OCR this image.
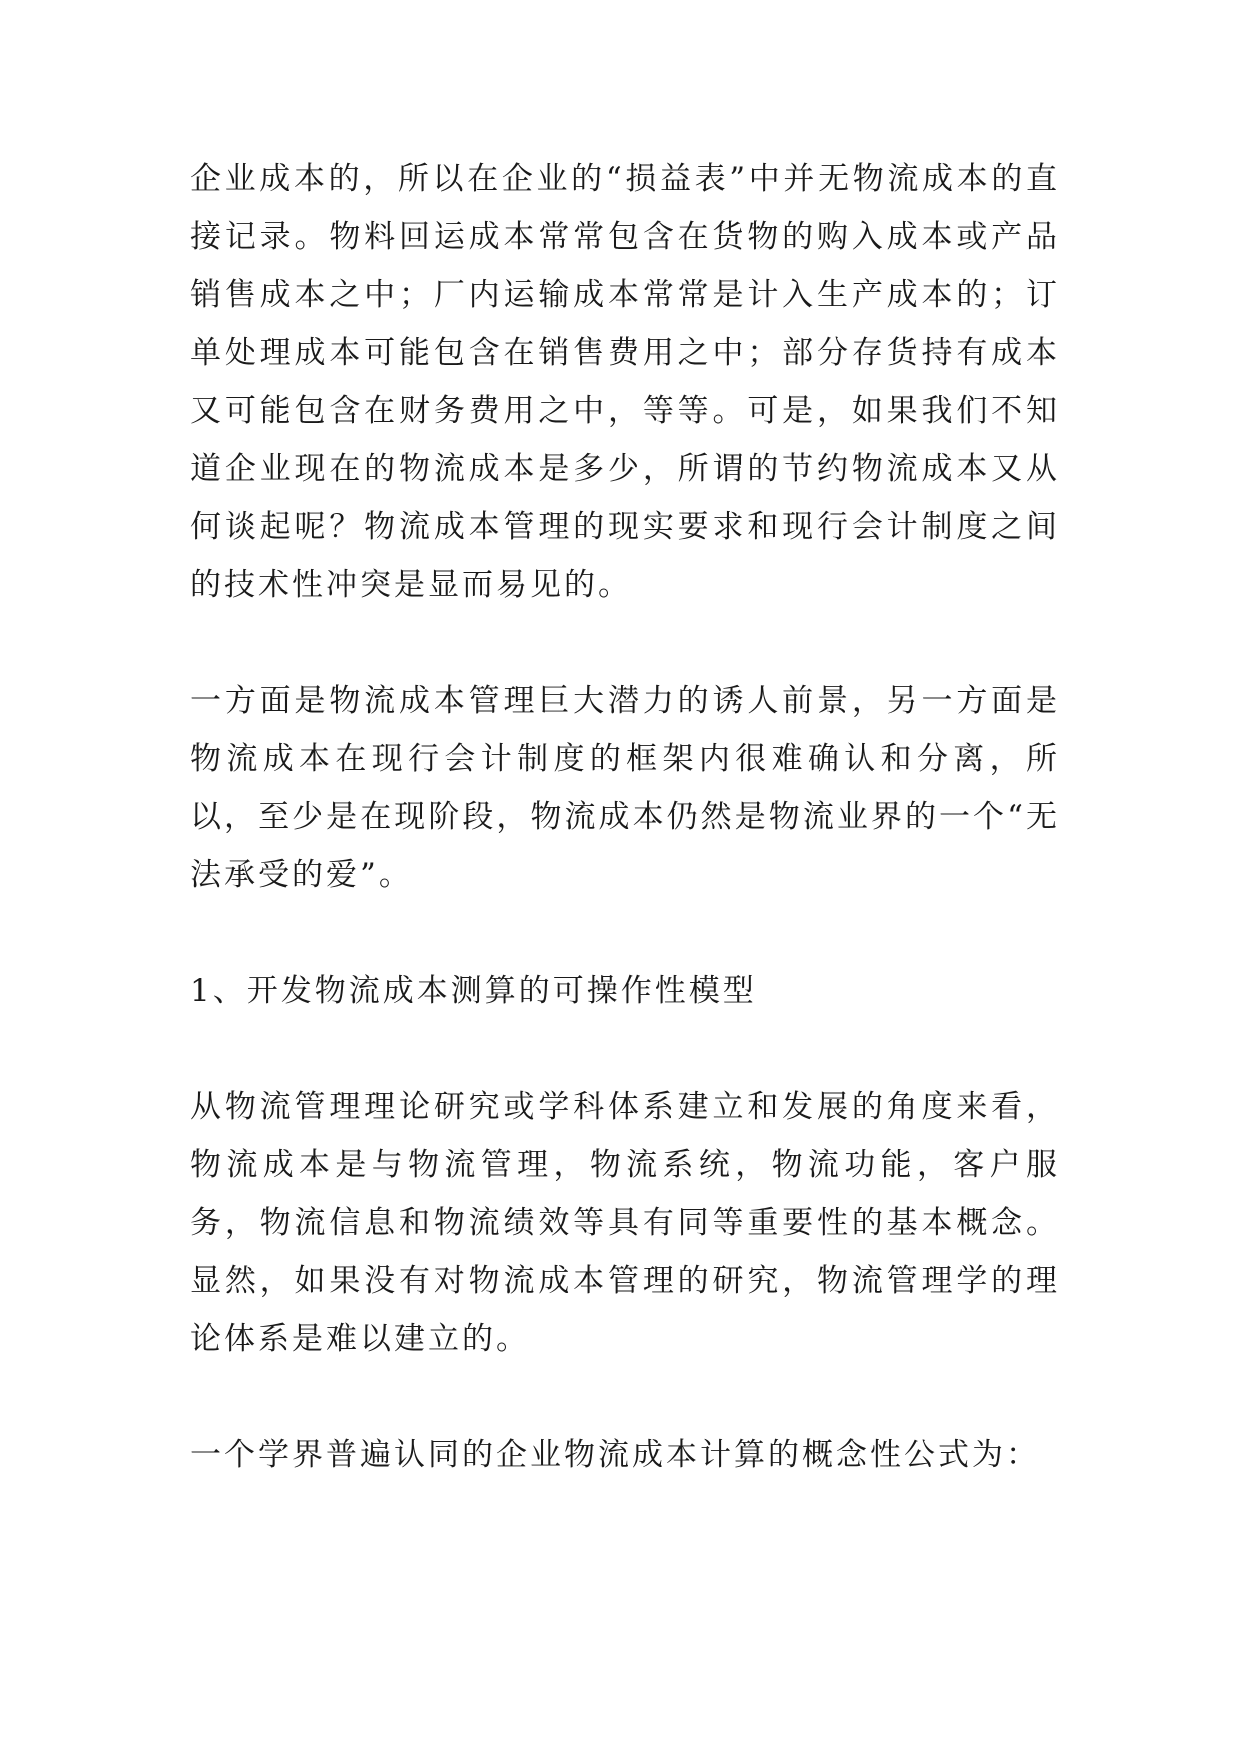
企业成本的，所以在企业的“损益表”中并无物流成本的直接记录。物料回运成本常常包含在货物的购入成本或产品销售成本之中；厂内运输成本常常是计入生产成本的；订单处理成本可能包含在销售费用之中；部分存货持有成本又可能包含在财务费用之中，等等。可是，如果我们不知道企业现在的物流成本是多少，所谓的节约物流成本又从何谈起呢？物流成本管理的现实要求和现行会计制度之间的技术性冲突是显而易见的。

一方面是物流成本管理巨大潜力的诱人前景，另一方面是物流成本在现行会计制度的框架内很难确认和分离，所以，至少是在现阶段，物流成本仍然是物流业界的一个“无法承受的爱”。

1、开发物流成本测算的可操作性模型

从物流管理理论研究或学科体系建立和发展的角度来看，物流成本是与物流管理，物流系统，物流功能，客户服务，物流信息和物流绩效等具有同等重要性的基本概念。显然，如果没有对物流成本管理的研究，物流管理学的理论体系是难以建立的。

一个学界普遍认同的企业物流成本计算的概念性公式为：
